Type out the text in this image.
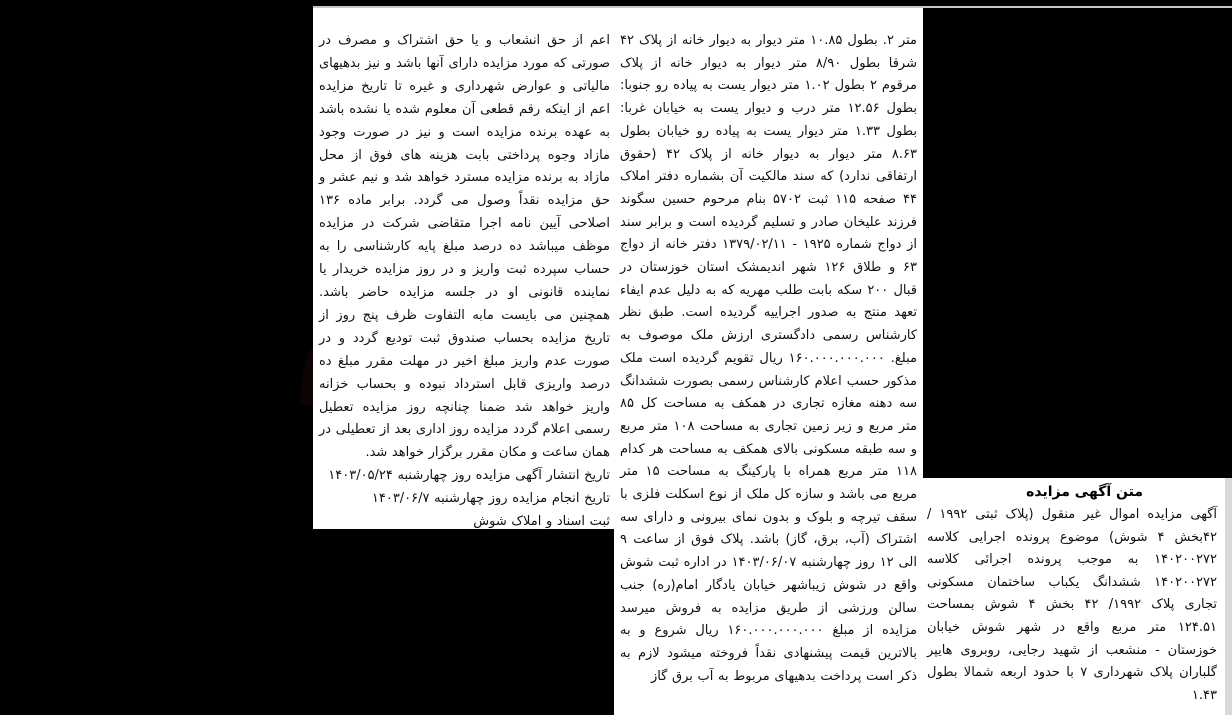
اعم از حق انشعاب و یا حق اشتراک و مصرف در صورتی که مورد مزایده دارای آنها باشد و نیز بدهیهای مالیاتی و عوارض شهرداری و غیره تا تاریخ مزایده اعم از اینکه رقم قطعی آن معلوم شده یا نشده باشد به عهده برنده مزایده است و نیز در صورت وجود مازاد وجوه پرداختی بابت هزینه های فوق از محل مازاد به برنده مزایده مسترد خواهد شد و نیم عشر و حق مزایده نقداً وصول می گردد. برابر ماده ۱۳۶ اصلاحی آیین نامه اجرا متقاضی شرکت در مزایده موظف میباشد ده درصد مبلغ پایه کارشناسی را به حساب سپرده ثبت واریز و در روز مزایده خریدار یا نماینده قانونی او در جلسه مزایده حاضر باشد. همچنین می بایست مابه التفاوت ظرف پنج روز از تاریخ مزایده بحساب صندوق ثبت تودیع گردد و در صورت عدم واریز مبلغ اخیر در مهلت مقرر مبلغ ده درصد واریزی قابل استرداد نبوده و بحساب خزانه واریز خواهد شد ضمنا چنانچه روز مزایده تعطیل رسمی اعلام گردد مزایده روز اداری بعد از تعطیلی در همان ساعت و مکان مقرر برگزار خواهد شد.
تاریخ انتشار آگهی مزایده روز چهارشنبه ۱۴۰۳/۰۵/۲۴
تاریخ انجام مزایده روز چهارشنبه ۱۴۰۳/۰۶/۷
ثبت اسناد و املاک شوش
متر ۲. بطول ۱۰.۸۵ متر دیوار به دیوار خانه از پلاک ۴۲ شرقا بطول ۸/۹۰ متر دیوار به دیوار خانه از پلاک مرقوم ۲ بطول ۱.۰۲ متر دیوار یست به پیاده رو جنوبا: بطول ۱۲.۵۶ متر درب و دیوار یست به خیابان غربا: بطول ۱.۳۳ متر دیوار یست به پیاده رو خیابان بطول ۸.۶۳ متر دیوار به دیوار خانه از پلاک ۴۲ (حقوق ارتفاقی ندارد) که سند مالکیت آن بشماره دفتر املاک ۴۴ صفحه ۱۱۵ ثبت ۵۷۰۲ بنام مرحوم حسین سگوند فرزند علیخان صادر و تسلیم گردیده است و برابر سند از دواج شماره ۱۹۲۵ - ۱۳۷۹/۰۲/۱۱ دفتر خانه از دواج ۶۳ و طلاق ۱۲۶ شهر اندیمشک استان خوزستان در قبال ۲۰۰ سکه بابت طلب مهریه که به دلیل عدم ایفاء تعهد منتج به صدور اجراییه گردیده است. طبق نظر کارشناس رسمی دادگستری ارزش ملک موصوف به مبلغ. ۱۶۰.۰۰۰.۰۰۰.۰۰۰ ریال تقویم گردیده است ملک مذکور حسب اعلام کارشناس رسمی بصورت ششدانگ سه دهنه مغازه تجاری در همکف به مساحت کل ۸۵ متر مربع و زیر زمین تجاری به مساحت ۱۰۸ متر مربع و سه طبقه مسکونی بالای همکف به مساحت هر کدام ۱۱۸ متر مربع همراه با پارکینگ به مساحت ۱۵ متر مربع می باشد و سازه کل ملک از نوع اسکلت فلزی با سقف تیرچه و بلوک و بدون نمای بیرونی و دارای سه اشتراک (آب، برق، گاز) باشد. پلاک فوق از ساعت ۹ الی ۱۲ روز چهارشنبه ۱۴۰۳/۰۶/۰۷ در اداره ثبت شوش واقع در شوش زیباشهر خیابان یادگار امام(ره) جنب سالن ورزشی از طریق مزایده به فروش میرسد مزایده از مبلغ ۱۶۰.۰۰۰.۰۰۰.۰۰۰ ریال شروع و به بالاترین قیمت پیشنهادی نقداً فروخته میشود لازم به ذکر است پرداخت بدهیهای مربوط به آب برق گاز
متن آگهی مزایده
آگهی مزایده اموال غیر منقول (پلاک ثبتی ۱۹۹۲ /۴۲بخش ۴ شوش) موضوع پرونده اجرایی کلاسه ۱۴۰۲۰۰۲۷۲ به موجب پرونده اجرائی کلاسه ۱۴۰۲۰۰۲۷۲ ششدانگ یکباب ساختمان مسکونی تجاری پلاک ۱۹۹۲/ ۴۲ بخش ۴ شوش بمساحت ۱۲۴.۵۱ متر مربع واقع در شهر شوش خیابان خوزستان - منشعب از شهید رجایی، روبروی هایپر گلباران پلاک شهرداری ۷ با حدود اربعه شمالا بطول ۱.۴۳
